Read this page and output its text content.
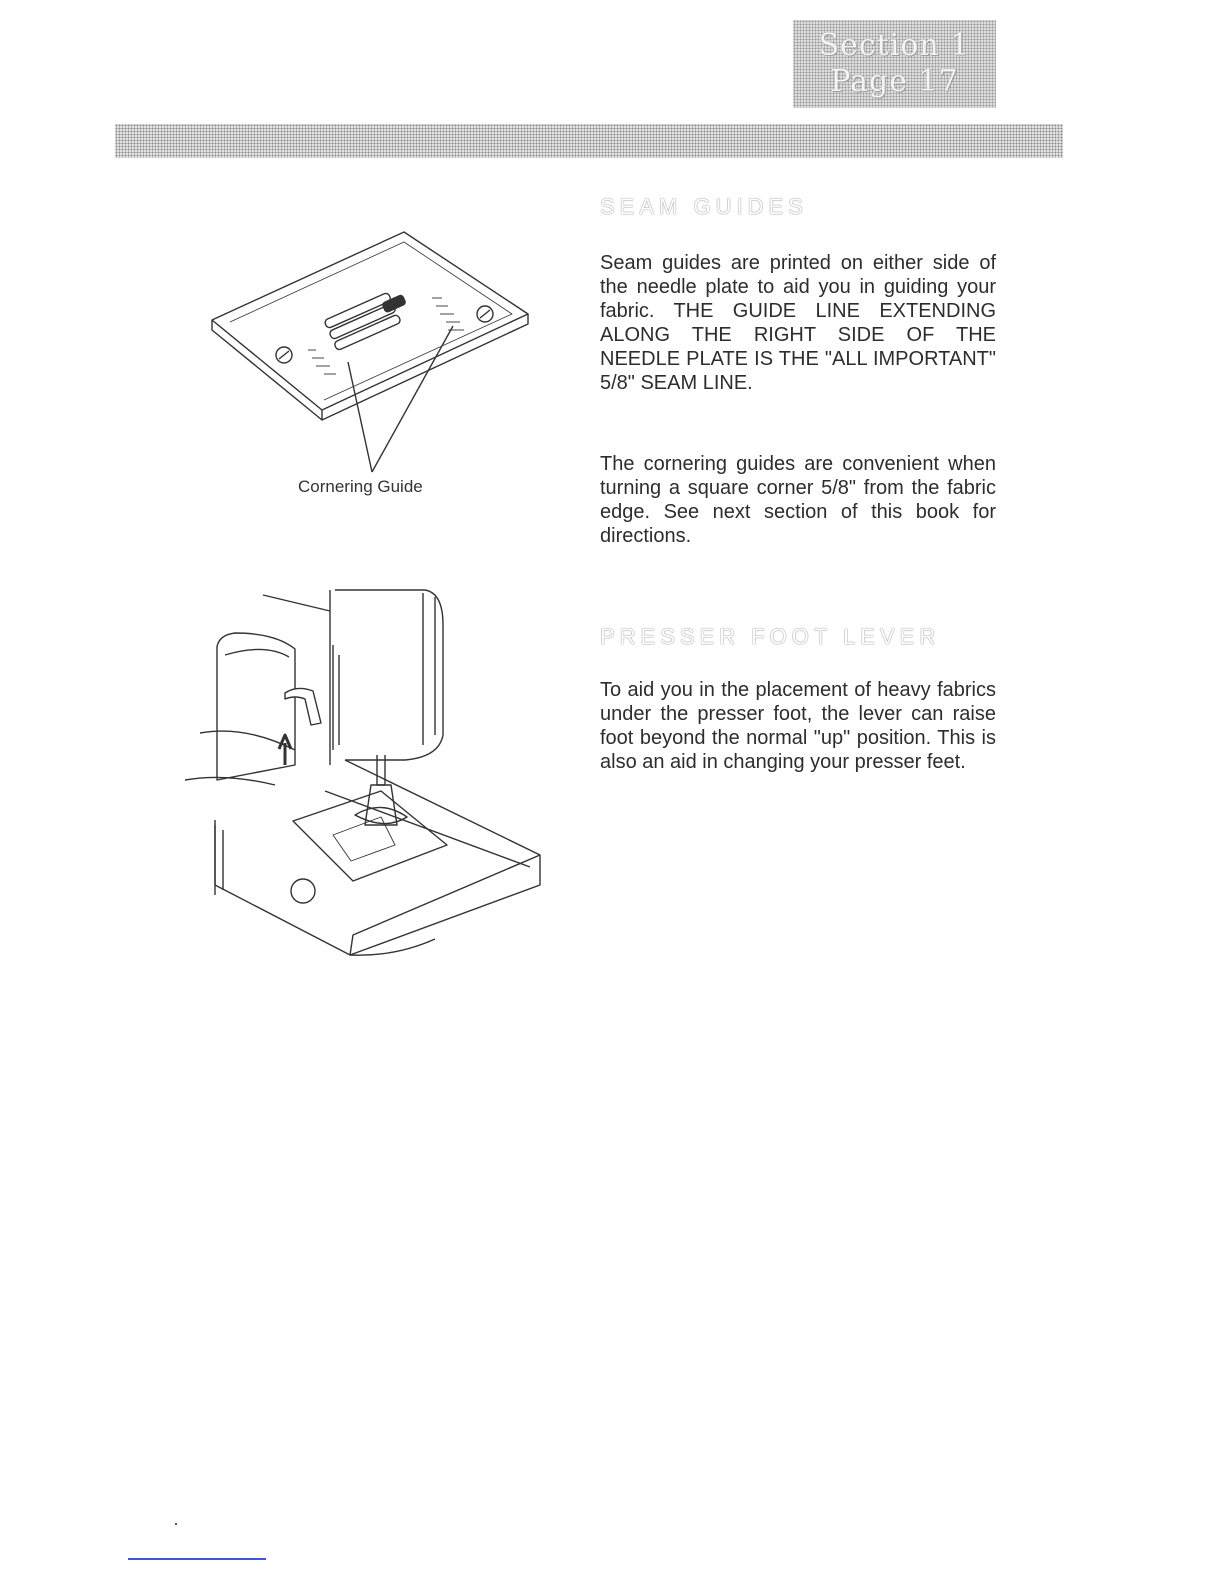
Section 1
Page 17
Cornering Guide
SEAM GUIDES

Seam guides are printed on either side of the needle plate to aid you in guiding your fabric. THE GUIDE LINE EXTENDING ALONG THE RIGHT SIDE OF THE NEEDLE PLATE IS THE "ALL IMPORTANT" 5/8" SEAM LINE.

The cornering guides are convenient when turning a square corner 5/8" from the fabric edge. See next section of this book for directions.

PRESSER FOOT LEVER

To aid you in the placement of heavy fabrics under the presser foot, the lever can raise foot beyond the normal "up" position. This is also an aid in changing your presser feet.
